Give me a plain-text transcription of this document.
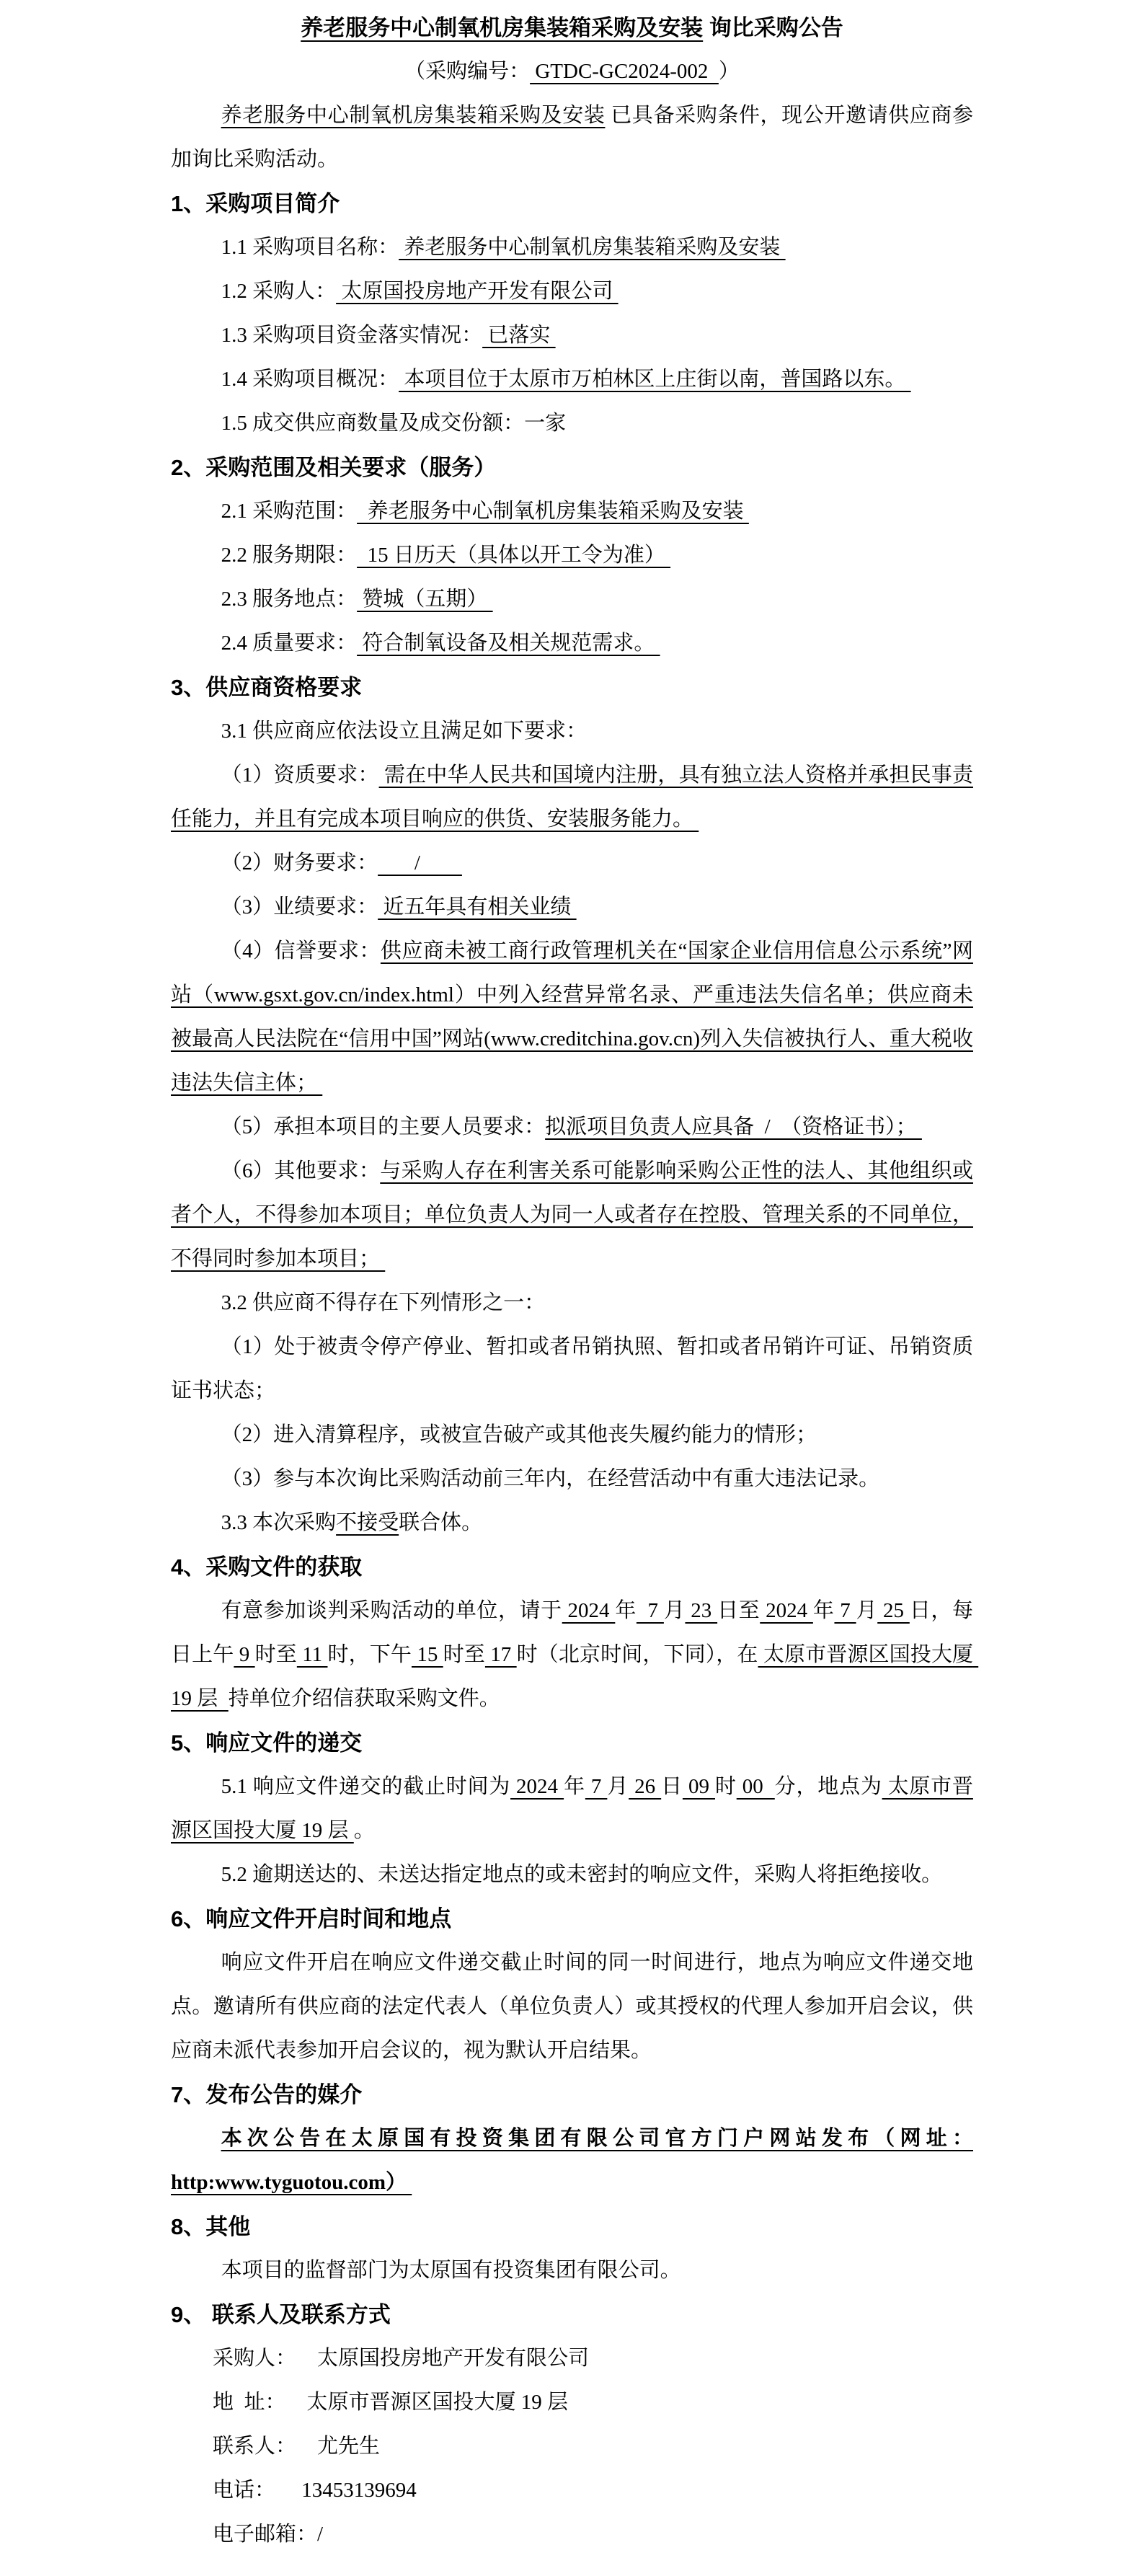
养老服务中心制氧机房集装箱采购及安装 询比采购公告

（采购编号： GTDC-GC2024-002  ）

养老服务中心制氧机房集装箱采购及安装 已具备采购条件，现公开邀请供应商参加询比采购活动。

1、采购项目简介

1.1 采购项目名称： 养老服务中心制氧机房集装箱采购及安装

1.2 采购人： 太原国投房地产开发有限公司

1.3 采购项目资金落实情况： 已落实

1.4 采购项目概况： 本项目位于太原市万柏林区上庄街以南，普国路以东。

1.5 成交供应商数量及成交份额：一家

2、采购范围及相关要求（服务）

2.1 采购范围：  养老服务中心制氧机房集装箱采购及安装

2.2 服务期限：  15 日历天（具体以开工令为准）

2.3 服务地点： 赞城（五期）

2.4 质量要求： 符合制氧设备及相关规范需求。

3、供应商资格要求

3.1 供应商应依法设立且满足如下要求：

（1）资质要求： 需在中华人民共和国境内注册，具有独立法人资格并承担民事责任能力，并且有完成本项目响应的供货、安装服务能力。

（2）财务要求：       /

（3）业绩要求： 近五年具有相关业绩

（4）信誉要求：供应商未被工商行政管理机关在“国家企业信用信息公示系统”网站（www.gsxt.gov.cn/index.html）中列入经营异常名录、严重违法失信名单；供应商未被最高人民法院在“信用中国”网站(www.creditchina.gov.cn)列入失信被执行人、重大税收违法失信主体；

（5）承担本项目的主要人员要求：拟派项目负责人应具备  /  （资格证书）；

（6）其他要求：与采购人存在利害关系可能影响采购公正性的法人、其他组织或者个人，不得参加本项目；单位负责人为同一人或者存在控股、管理关系的不同单位，不得同时参加本项目；

3.2 供应商不得存在下列情形之一：

（1）处于被责令停产停业、暂扣或者吊销执照、暂扣或者吊销许可证、吊销资质证书状态；

（2）进入清算程序，或被宣告破产或其他丧失履约能力的情形；

（3）参与本次询比采购活动前三年内，在经营活动中有重大违法记录。

3.3 本次采购不接受联合体。

4、采购文件的获取

有意参加谈判采购活动的单位，请于 2024 年  7 月 23 日至 2024 年 7 月 25 日，每日上午 9 时至 11 时，下午 15 时至 17 时（北京时间，下同），在 太原市晋源区国投大厦 19 层  持单位介绍信获取采购文件。

5、响应文件的递交

5.1 响应文件递交的截止时间为 2024 年 7 月 26 日 09 时 00  分，地点为 太原市晋源区国投大厦 19 层 。

5.2 逾期送达的、未送达指定地点的或未密封的响应文件，采购人将拒绝接收。

6、响应文件开启时间和地点

响应文件开启在响应文件递交截止时间的同一时间进行，地点为响应文件递交地点。邀请所有供应商的法定代表人（单位负责人）或其授权的代理人参加开启会议，供应商未派代表参加开启会议的，视为默认开启结果。

7、发布公告的媒介

本次公告在太原国有投资集团有限公司官方门户网站发布（网址：http:www.tyguotou.com）

8、其他

本项目的监督部门为太原国有投资集团有限公司。

9、 联系人及联系方式

采购人：    太原国投房地产开发有限公司

地  址：    太原市晋源区国投大厦 19 层

联系人：    尤先生

电话：     13453139694

电子邮箱：/
